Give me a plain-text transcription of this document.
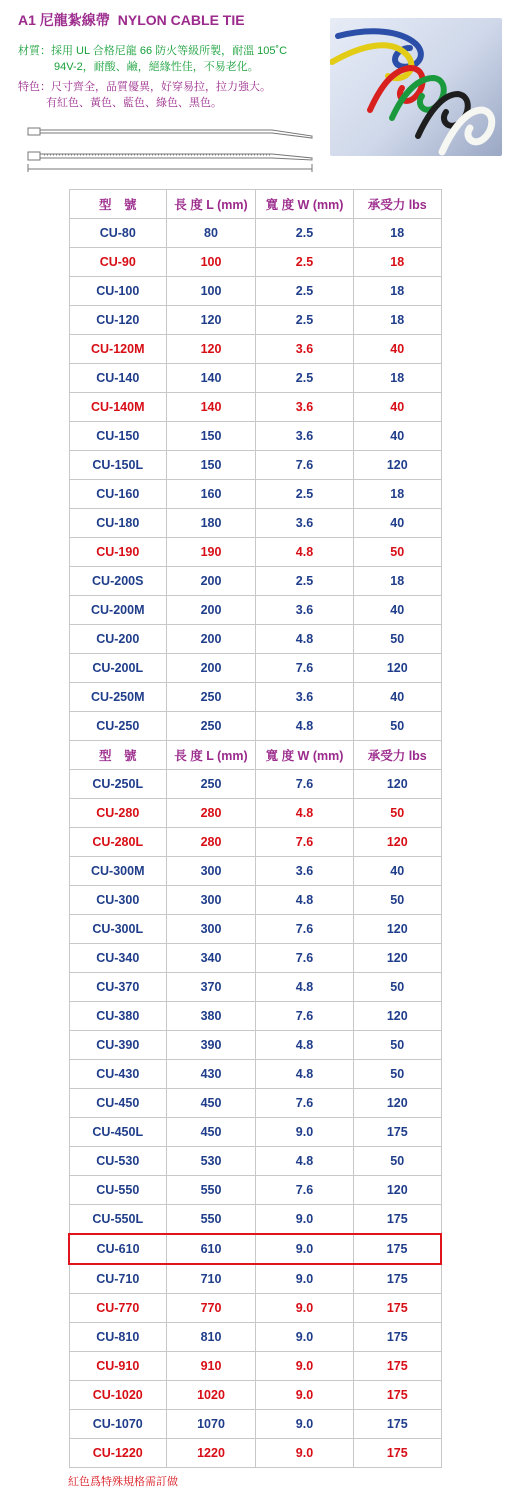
A1 尼龍紮線帶 NYLON CABLE TIE
材質：採用 UL 合格尼龍 66 防火等級所製，耐溫 105˚C
94V-2，耐酸、鹼，絕緣性佳，不易老化。
特色：尺寸齊全，品質優異，好穿易拉，拉力強大。
有紅色、黃色、藍色、綠色、黑色。
型　號	長 度 L (mm)	寬 度 W (mm)	承受力 lbs
CU-80	80	2.5	18
CU-90	100	2.5	18
CU-100	100	2.5	18
CU-120	120	2.5	18
CU-120M	120	3.6	40
CU-140	140	2.5	18
CU-140M	140	3.6	40
CU-150	150	3.6	40
CU-150L	150	7.6	120
CU-160	160	2.5	18
CU-180	180	3.6	40
CU-190	190	4.8	50
CU-200S	200	2.5	18
CU-200M	200	3.6	40
CU-200	200	4.8	50
CU-200L	200	7.6	120
CU-250M	250	3.6	40
CU-250	250	4.8	50
型　號	長 度 L (mm)	寬 度 W (mm)	承受力 lbs
CU-250L	250	7.6	120
CU-280	280	4.8	50
CU-280L	280	7.6	120
CU-300M	300	3.6	40
CU-300	300	4.8	50
CU-300L	300	7.6	120
CU-340	340	7.6	120
CU-370	370	4.8	50
CU-380	380	7.6	120
CU-390	390	4.8	50
CU-430	430	4.8	50
CU-450	450	7.6	120
CU-450L	450	9.0	175
CU-530	530	4.8	50
CU-550	550	7.6	120
CU-550L	550	9.0	175
CU-610	610	9.0	175
CU-710	710	9.0	175
CU-770	770	9.0	175
CU-810	810	9.0	175
CU-910	910	9.0	175
CU-1020	1020	9.0	175
CU-1070	1070	9.0	175
CU-1220	1220	9.0	175
紅色爲特殊規格需訂做
